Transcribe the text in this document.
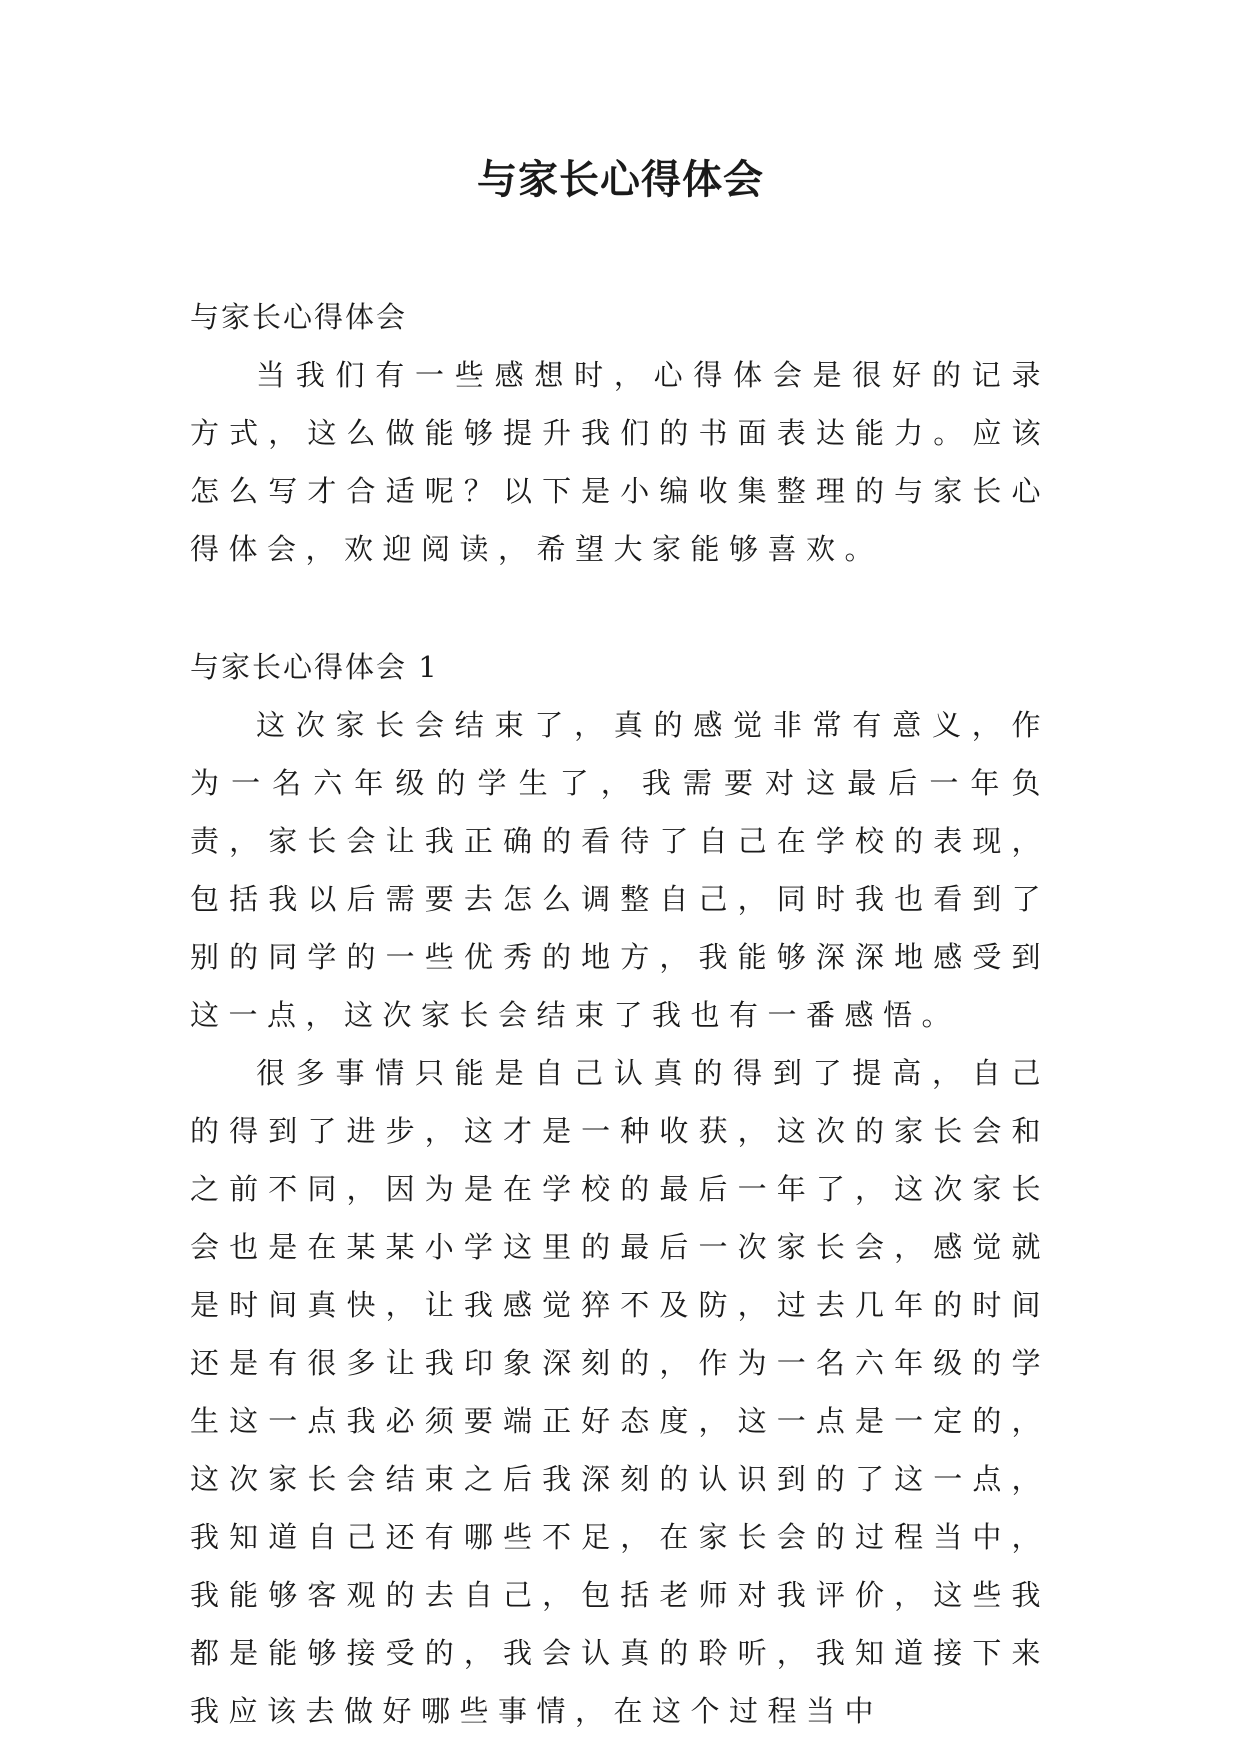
与家长心得体会

与家长心得体会

当我们有一些感想时，心得体会是很好的记录方式，这么做能够提升我们的书面表达能力。应该怎么写才合适呢？以下是小编收集整理的与家长心得体会，欢迎阅读，希望大家能够喜欢。

与家长心得体会 1

这次家长会结束了，真的感觉非常有意义，作为一名六年级的学生了，我需要对这最后一年负责，家长会让我正确的看待了自己在学校的表现，包括我以后需要去怎么调整自己，同时我也看到了别的同学的一些优秀的地方，我能够深深地感受到这一点，这次家长会结束了我也有一番感悟。

很多事情只能是自己认真的得到了提高，自己的得到了进步，这才是一种收获，这次的家长会和之前不同，因为是在学校的最后一年了，这次家长会也是在某某小学这里的最后一次家长会，感觉就是时间真快，让我感觉猝不及防，过去几年的时间还是有很多让我印象深刻的，作为一名六年级的学生这一点我必须要端正好态度，这一点是一定的，这次家长会结束之后我深刻的认识到的了这一点，我知道自己还有哪些不足，在家长会的过程当中，我能够客观的去自己，包括老师对我评价，这些我都是能够接受的，我会认真的聆听，我知道接下来我应该去做好哪些事情，在这个过程当中
